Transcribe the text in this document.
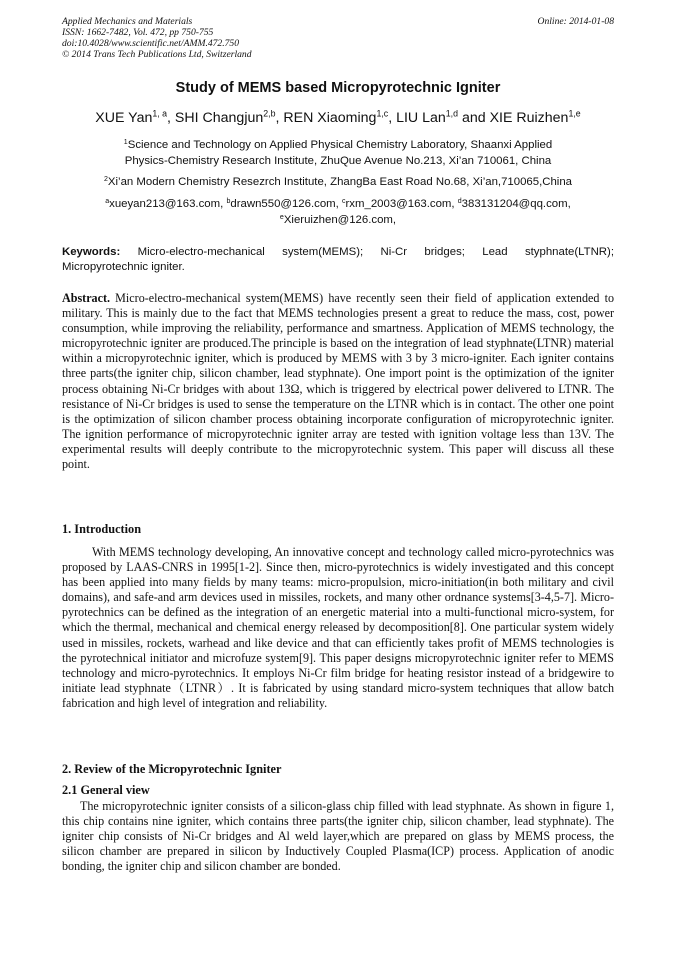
Applied Mechanics and Materials
ISSN: 1662-7482, Vol. 472, pp 750-755
doi:10.4028/www.scientific.net/AMM.472.750
© 2014 Trans Tech Publications Ltd, Switzerland
Online: 2014-01-08
Study of MEMS based Micropyrotechnic Igniter
XUE Yan$^{1, a}$, SHI Changjun$^{2,b}$, REN Xiaoming$^{1,c}$, LIU Lan$^{1,d}$ and XIE Ruizhen$^{1,e}$
$^1$Science and Technology on Applied Physical Chemistry Laboratory, Shaanxi Applied
Physics-Chemistry Research Institute, ZhuQue Avenue No.213, Xi’an 710061, China
$^2$Xi’an Modern Chemistry Resezrch Institute, ZhangBa East Road No.68, Xi’an,710065,China
$^a$xueyan213@163.com, $^b$drawn550@126.com, $^c$rxm_2003@163.com, $^d$383131204@qq.com,
$^e$Xieruizhen@126.com,
Keywords: Micro-electro-mechanical system(MEMS); Ni-Cr bridges; Lead styphnate(LTNR); Micropyrotechnic igniter.
Abstract. Micro-electro-mechanical system(MEMS) have recently seen their field of application extended to military. This is mainly due to the fact that MEMS technologies present a great to reduce the mass, cost, power consumption, while improving the reliability, performance and smartness. Application of MEMS technology, the micropyrotechnic igniter are produced.The principle is based on the integration of lead styphnate(LTNR) material within a micropyrotechnic igniter, which is produced by MEMS with 3 by 3 micro-igniter. Each igniter contains three parts(the igniter chip, silicon chamber, lead styphnate). One import point is the optimization of the igniter process obtaining Ni-Cr bridges with about 13Ω, which is triggered by electrical power delivered to LTNR. The resistance of Ni-Cr bridges is used to sense the temperature on the LTNR which is in contact. The other one point is the optimization of silicon chamber process obtaining incorporate configuration of micropyrotechnic igniter. The ignition performance of micropyrotechnic igniter array are tested with ignition voltage less than 13V. The experimental results will deeply contribute to the micropyrotechnic system. This paper will discuss all these point.
1. Introduction
With MEMS technology developing, An innovative concept and technology called micro-pyrotechnics was proposed by LAAS-CNRS in 1995[1-2]. Since then, micro-pyrotechnics is widely investigated and this concept has been applied into many fields by many teams: micro-propulsion, micro-initiation(in both military and civil domains), and safe-and arm devices used in missiles, rockets, and many other ordnance systems[3-4,5-7]. Micro-pyrotechnics can be defined as the integration of an energetic material into a multi-functional micro-system, for which the thermal, mechanical and chemical energy released by decomposition[8]. One particular system widely used in missiles, rockets, warhead and like device and that can efficiently takes profit of MEMS technologies is the pyrotechnical initiator and microfuze system[9]. This paper designs micropyrotechnic igniter refer to MEMS technology and micro-pyrotechnics. It employs Ni-Cr film bridge for heating resistor instead of a bridgewire to initiate lead styphnate（LTNR）. It is fabricated by using standard micro-system techniques that allow batch fabrication and high level of integration and reliability.
2. Review of the Micropyrotechnic Igniter
2.1 General view
The micropyrotechnic igniter consists of a silicon-glass chip filled with lead styphnate. As shown in figure 1, this chip contains nine igniter, which contains three parts(the igniter chip, silicon chamber, lead styphnate). The igniter chip consists of Ni-Cr bridges and Al weld layer,which are prepared on glass by MEMS process, the silicon chamber are prepared in silicon by Inductively Coupled Plasma(ICP) process. Application of anodic bonding, the igniter chip and silicon chamber are bonded.
